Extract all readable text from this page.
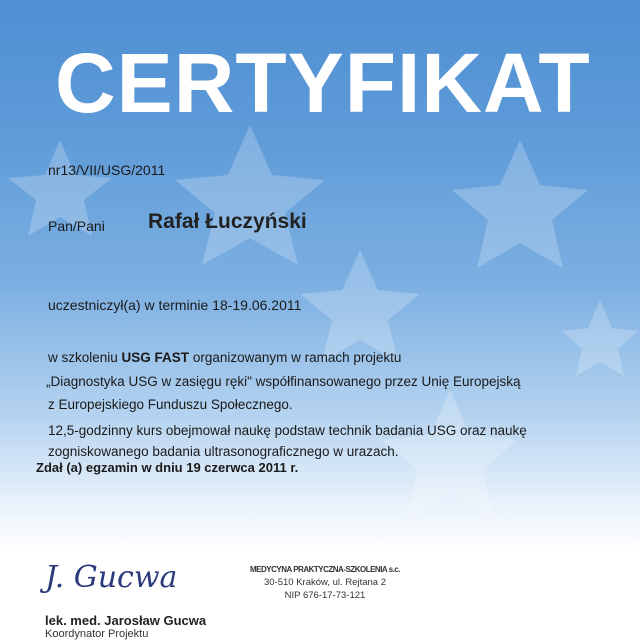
CERTYFIKAT
nr13/VII/USG/2011
Pan/Pani Rafał Łuczyński
uczestniczył(a) w terminie 18-19.06.2011
w szkoleniu USG FAST organizowanym w ramach projektu
„Diagnostyka USG w zasięgu ręki" współfinansowanego przez Unię Europejską
z Europejskiego Funduszu Społecznego.
12,5-godzinny kurs obejmował naukę podstaw technik badania USG oraz naukę
zogniskowanego badania ultrasonograficznego w urazach.
Zdał (a) egzamin w dniu 19 czerwca 2011 r.
MEDYCYNA PRAKTYCZNA-SZKOLENIA s.c.
30-510 Kraków, ul. Rejtana 2
NIP 676-17-73-121
J. Gucwa
lek. med. Jarosław Gucwa
Koordynator Projektu
